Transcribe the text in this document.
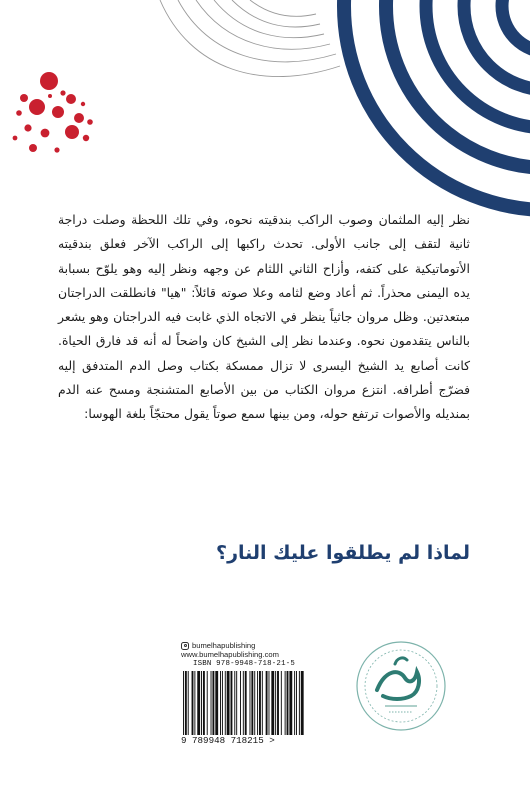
نظر إليه الملثمان وصوب الراكب بندقيته نحوه، وفي تلك اللحظة وصلت دراجة ثانية لتقف إلى جانب الأولى. تحدث راكبها إلى الراكب الآخر فعلق بندقيته الأتوماتيكية على كتفه، وأزاح الثاني اللثام عن وجهه ونظر إليه وهو يلوّح بسبابة يده اليمنى محذراً. ثم أعاد وضع لثامه وعلا صوته قائلاً: "هيا" فانطلقت الدراجتان مبتعدتين. وظل مروان جاثياً ينظر في الاتجاه الذي غابت فيه الدراجتان وهو يشعر بالناس يتقدمون نحوه. وعندما نظر إلى الشيخ كان واضحاً له أنه قد فارق الحياة. كانت أصابع يد الشيخ اليسرى لا تزال ممسكة بكتاب وصل الدم المتدفق إليه فضرّج أطرافه. انتزع مروان الكتاب من بين الأصابع المتشنجة ومسح عنه الدم بمنديله والأصوات ترتفع حوله، ومن بينها سمع صوتاً يقول محتجّاً بلغة الهوسا:

لماذا لم يطلقوا عليك النار؟
bumelhapublishing
www.bumelhapublishing.com
ISBN 978-9948-718-21-5
9 789948 718215 >
